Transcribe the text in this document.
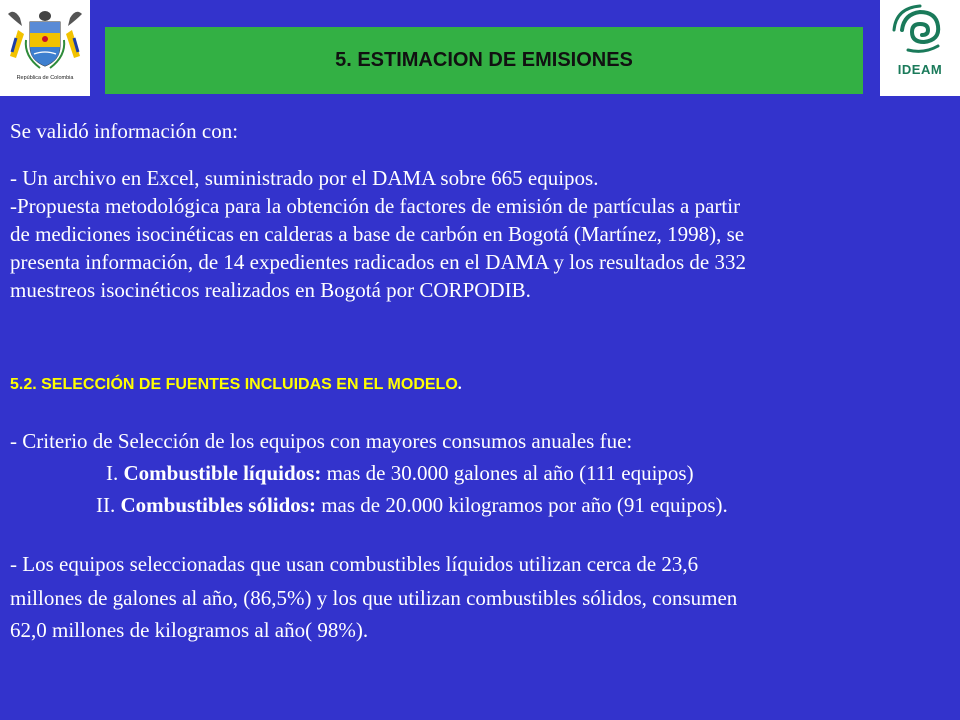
República de Colombia
5. ESTIMACION DE EMISIONES	IDEAM
Se validó información con:
- Un archivo en Excel, suministrado por el DAMA sobre 665 equipos.
-Propuesta metodológica para la obtención de factores de emisión de partículas a partir
de mediciones isocinéticas en calderas a base de carbón en Bogotá (Martínez, 1998), se
presenta información, de 14 expedientes radicados en el DAMA y los resultados de 332
muestreos isocinéticos realizados en Bogotá por CORPODIB.
5.2. SELECCIÓN DE FUENTES INCLUIDAS EN EL MODELO.
- Criterio de Selección de los equipos con mayores consumos anuales fue:
I. Combustible líquidos: mas de 30.000 galones al año (111 equipos)
II. Combustibles sólidos: mas de 20.000 kilogramos por año (91 equipos).
- Los equipos seleccionadas que usan combustibles líquidos utilizan cerca de 23,6
millones de galones al año, (86,5%) y los que utilizan combustibles sólidos, consumen
62,0 millones de kilogramos al año( 98%).
